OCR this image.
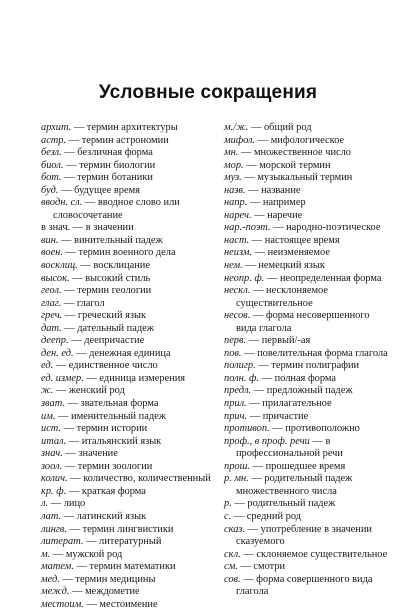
Условные сокращения
архит. — термин архитектуры
астр. — термин астрономии
безл. — безличная форма
биол. — термин биологии
бот. — термин ботаники
буд. — будущее время
вводн. сл. — вводное слово или словосочетание
в знач. — в значении
вин. — винительный падеж
воен. — термин военного дела
восклиц. — восклицание
высок. — высокий стиль
геол. — термин геологии
глаг. — глагол
греч. — греческий язык
дат. — дательный падеж
деепр. — деепричастие
ден. ед. — денежная единица
ед. — единственное число
ед. измер. — единица измерения
ж. — женский род
зват. — звательная форма
им. — именительный падеж
ист. — термин истории
итал. — итальянский язык
знач. — значение
зоол. — термин зоологии
колич. — количество, количественный
кр. ф. — краткая форма
л. — лицо
лат. — латинский язык
лингв. — термин лингвистики
литерат. — литературный
м. — мужской род
матем. — термин математики
мед. — термин медицины
межд. — междометие
местоим. — местоимение
м./ж. — общий род
мифол. — мифологическое
мн. — множественное число
мор. — морской термин
муз. — музыкальный термин
назв. — название
напр. — например
нареч. — наречие
нар.-поэт. — народно-поэтическое
наст. — настоящее время
неизм. — неизменяемое
нем. — немецкий язык
неопр. ф. — неопределенная форма
нескл. — несклоняемое существительное
несов. — форма несовершенного вида глагола
перв. — первый/-ая
пов. — повелительная форма глагола
полигр. — термин полиграфии
полн. ф. — полная форма
предл. — предложный падеж
прил. — прилагательное
прич. — причастие
противоп. — противоположно
проф., в проф. речи — в профессиональной речи
прош. — прошедшее время
р. мн. — родительный падеж множественного числа
р. — родительный падеж
с. — средний род
сказ. — употребление в значении сказуемого
скл. — склоняемое существительное
см. — смотри
сов. — форма совершенного вида глагола
